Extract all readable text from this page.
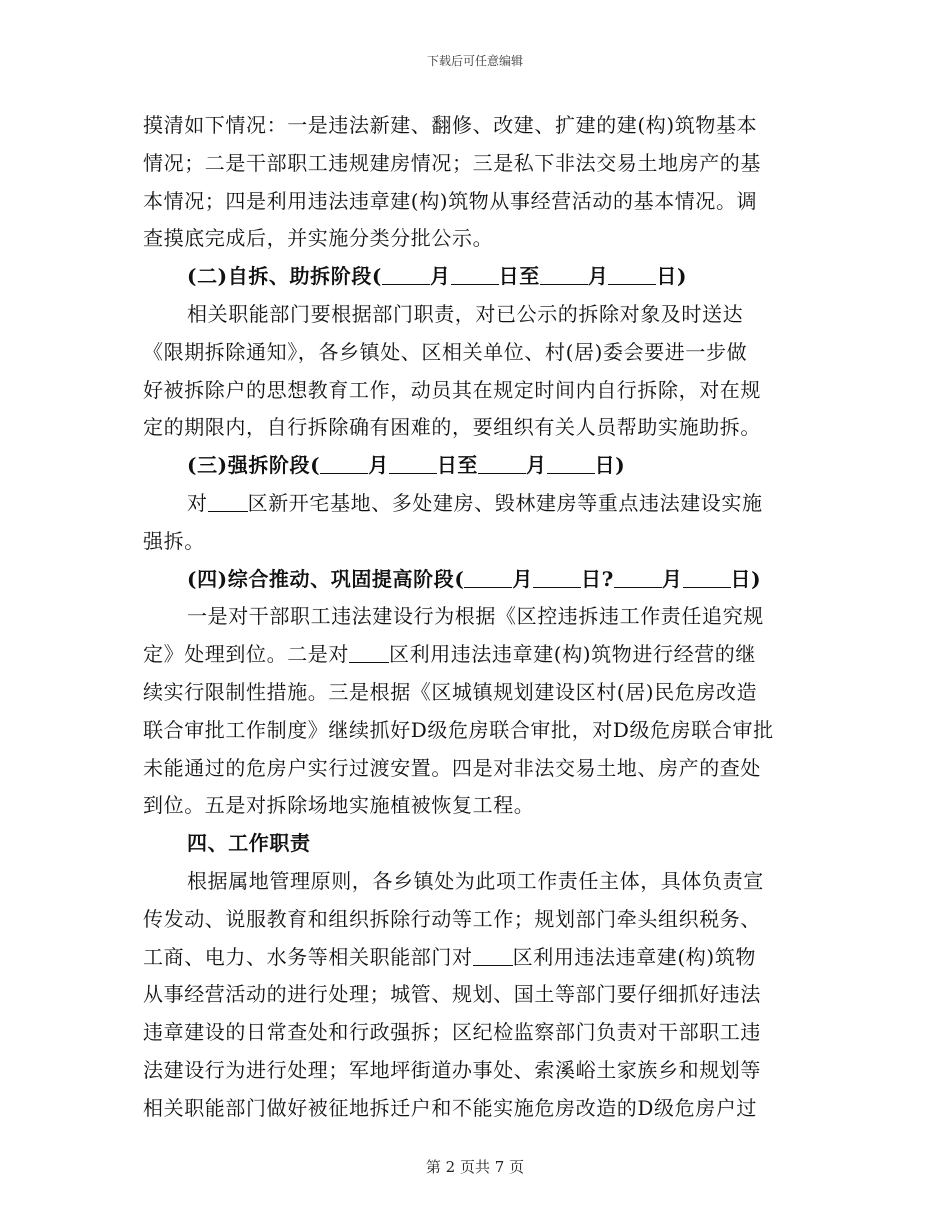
下载后可任意编辑

摸清如下情况：一是违法新建、翻修、改建、扩建的建(构)筑物基本

情况；二是干部职工违规建房情况；三是私下非法交易土地房产的基

本情况；四是利用违法违章建(构)筑物从事经营活动的基本情况。调

查摸底完成后，并实施分类分批公示。

(二)自拆、助拆阶段( 月 日至 月 日)

相关职能部门要根据部门职责，对已公示的拆除对象及时送达

《限期拆除通知》，各乡镇处、区相关单位、村(居)委会要进一步做

好被拆除户的思想教育工作，动员其在规定时间内自行拆除，对在规

定的期限内，自行拆除确有困难的，要组织有关人员帮助实施助拆。

(三)强拆阶段( 月 日至 月 日)

对 区新开宅基地、多处建房、毁林建房等重点违法建设实施

强拆。

(四)综合推动、巩固提高阶段( 月 日? 月 日)

一是对干部职工违法建设行为根据《区控违拆违工作责任追究规

定》处理到位。二是对 区利用违法违章建(构)筑物进行经营的继

续实行限制性措施。三是根据《区城镇规划建设区村(居)民危房改造

联合审批工作制度》继续抓好D级危房联合审批，对D级危房联合审批

未能通过的危房户实行过渡安置。四是对非法交易土地、房产的查处

到位。五是对拆除场地实施植被恢复工程。

四、工作职责

根据属地管理原则，各乡镇处为此项工作责任主体，具体负责宣

传发动、说服教育和组织拆除行动等工作；规划部门牵头组织税务、

工商、电力、水务等相关职能部门对 区利用违法违章建(构)筑物

从事经营活动的进行处理；城管、规划、国土等部门要仔细抓好违法

违章建设的日常查处和行政强拆；区纪检监察部门负责对干部职工违

法建设行为进行处理；军地坪街道办事处、索溪峪土家族乡和规划等

相关职能部门做好被征地拆迁户和不能实施危房改造的D级危房户过

第 2 页共 7 页
